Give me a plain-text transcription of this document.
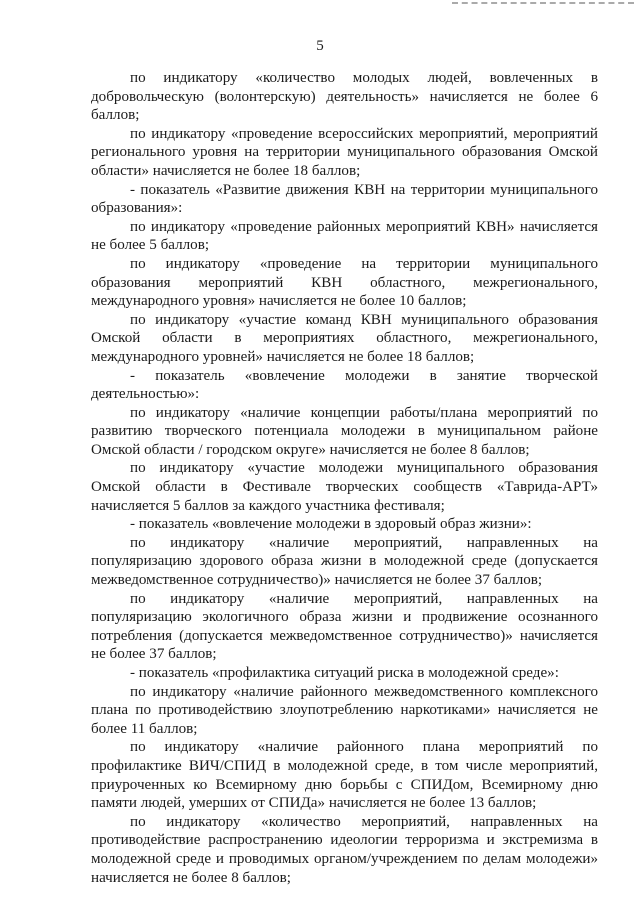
5

по индикатору «количество молодых людей, вовлеченных в добровольческую (волонтерскую) деятельность» начисляется не более 6 баллов;

по индикатору «проведение всероссийских мероприятий, мероприятий регионального уровня на территории муниципального образования Омской области» начисляется не более 18 баллов;

- показатель «Развитие движения КВН на территории муниципального образования»:

по индикатору «проведение районных мероприятий КВН» начисляется не более 5 баллов;

по индикатору «проведение на территории муниципального образования мероприятий КВН областного, межрегионального, международного уровня» начисляется не более 10 баллов;

по индикатору «участие команд КВН муниципального образования Омской области в мероприятиях областного, межрегионального, международного уровней» начисляется не более 18 баллов;

- показатель «вовлечение молодежи в занятие творческой деятельностью»:

по индикатору «наличие концепции работы/плана мероприятий по развитию творческого потенциала молодежи в муниципальном районе Омской области / городском округе» начисляется не более 8 баллов;

по индикатору «участие молодежи муниципального образования Омской области в Фестивале творческих сообществ «Таврида-АРТ» начисляется 5 баллов за каждого участника фестиваля;

- показатель «вовлечение молодежи в здоровый образ жизни»:

по индикатору «наличие мероприятий, направленных на популяризацию здорового образа жизни в молодежной среде (допускается межведомственное сотрудничество)» начисляется не более 37 баллов;

по индикатору «наличие мероприятий, направленных на популяризацию экологичного образа жизни и продвижение осознанного потребления (допускается межведомственное сотрудничество)» начисляется не более 37 баллов;

- показатель «профилактика ситуаций риска в молодежной среде»:

по индикатору «наличие районного межведомственного комплексного плана по противодействию злоупотреблению наркотиками» начисляется не более 11 баллов;

по индикатору «наличие районного плана мероприятий по профилактике ВИЧ/СПИД в молодежной среде, в том числе мероприятий, приуроченных ко Всемирному дню борьбы с СПИДом, Всемирному дню памяти людей, умерших от СПИДа» начисляется не более 13 баллов;

по индикатору «количество мероприятий, направленных на противодействие распространению идеологии терроризма и экстремизма в молодежной среде и проводимых органом/учреждением по делам молодежи» начисляется не более 8 баллов;
